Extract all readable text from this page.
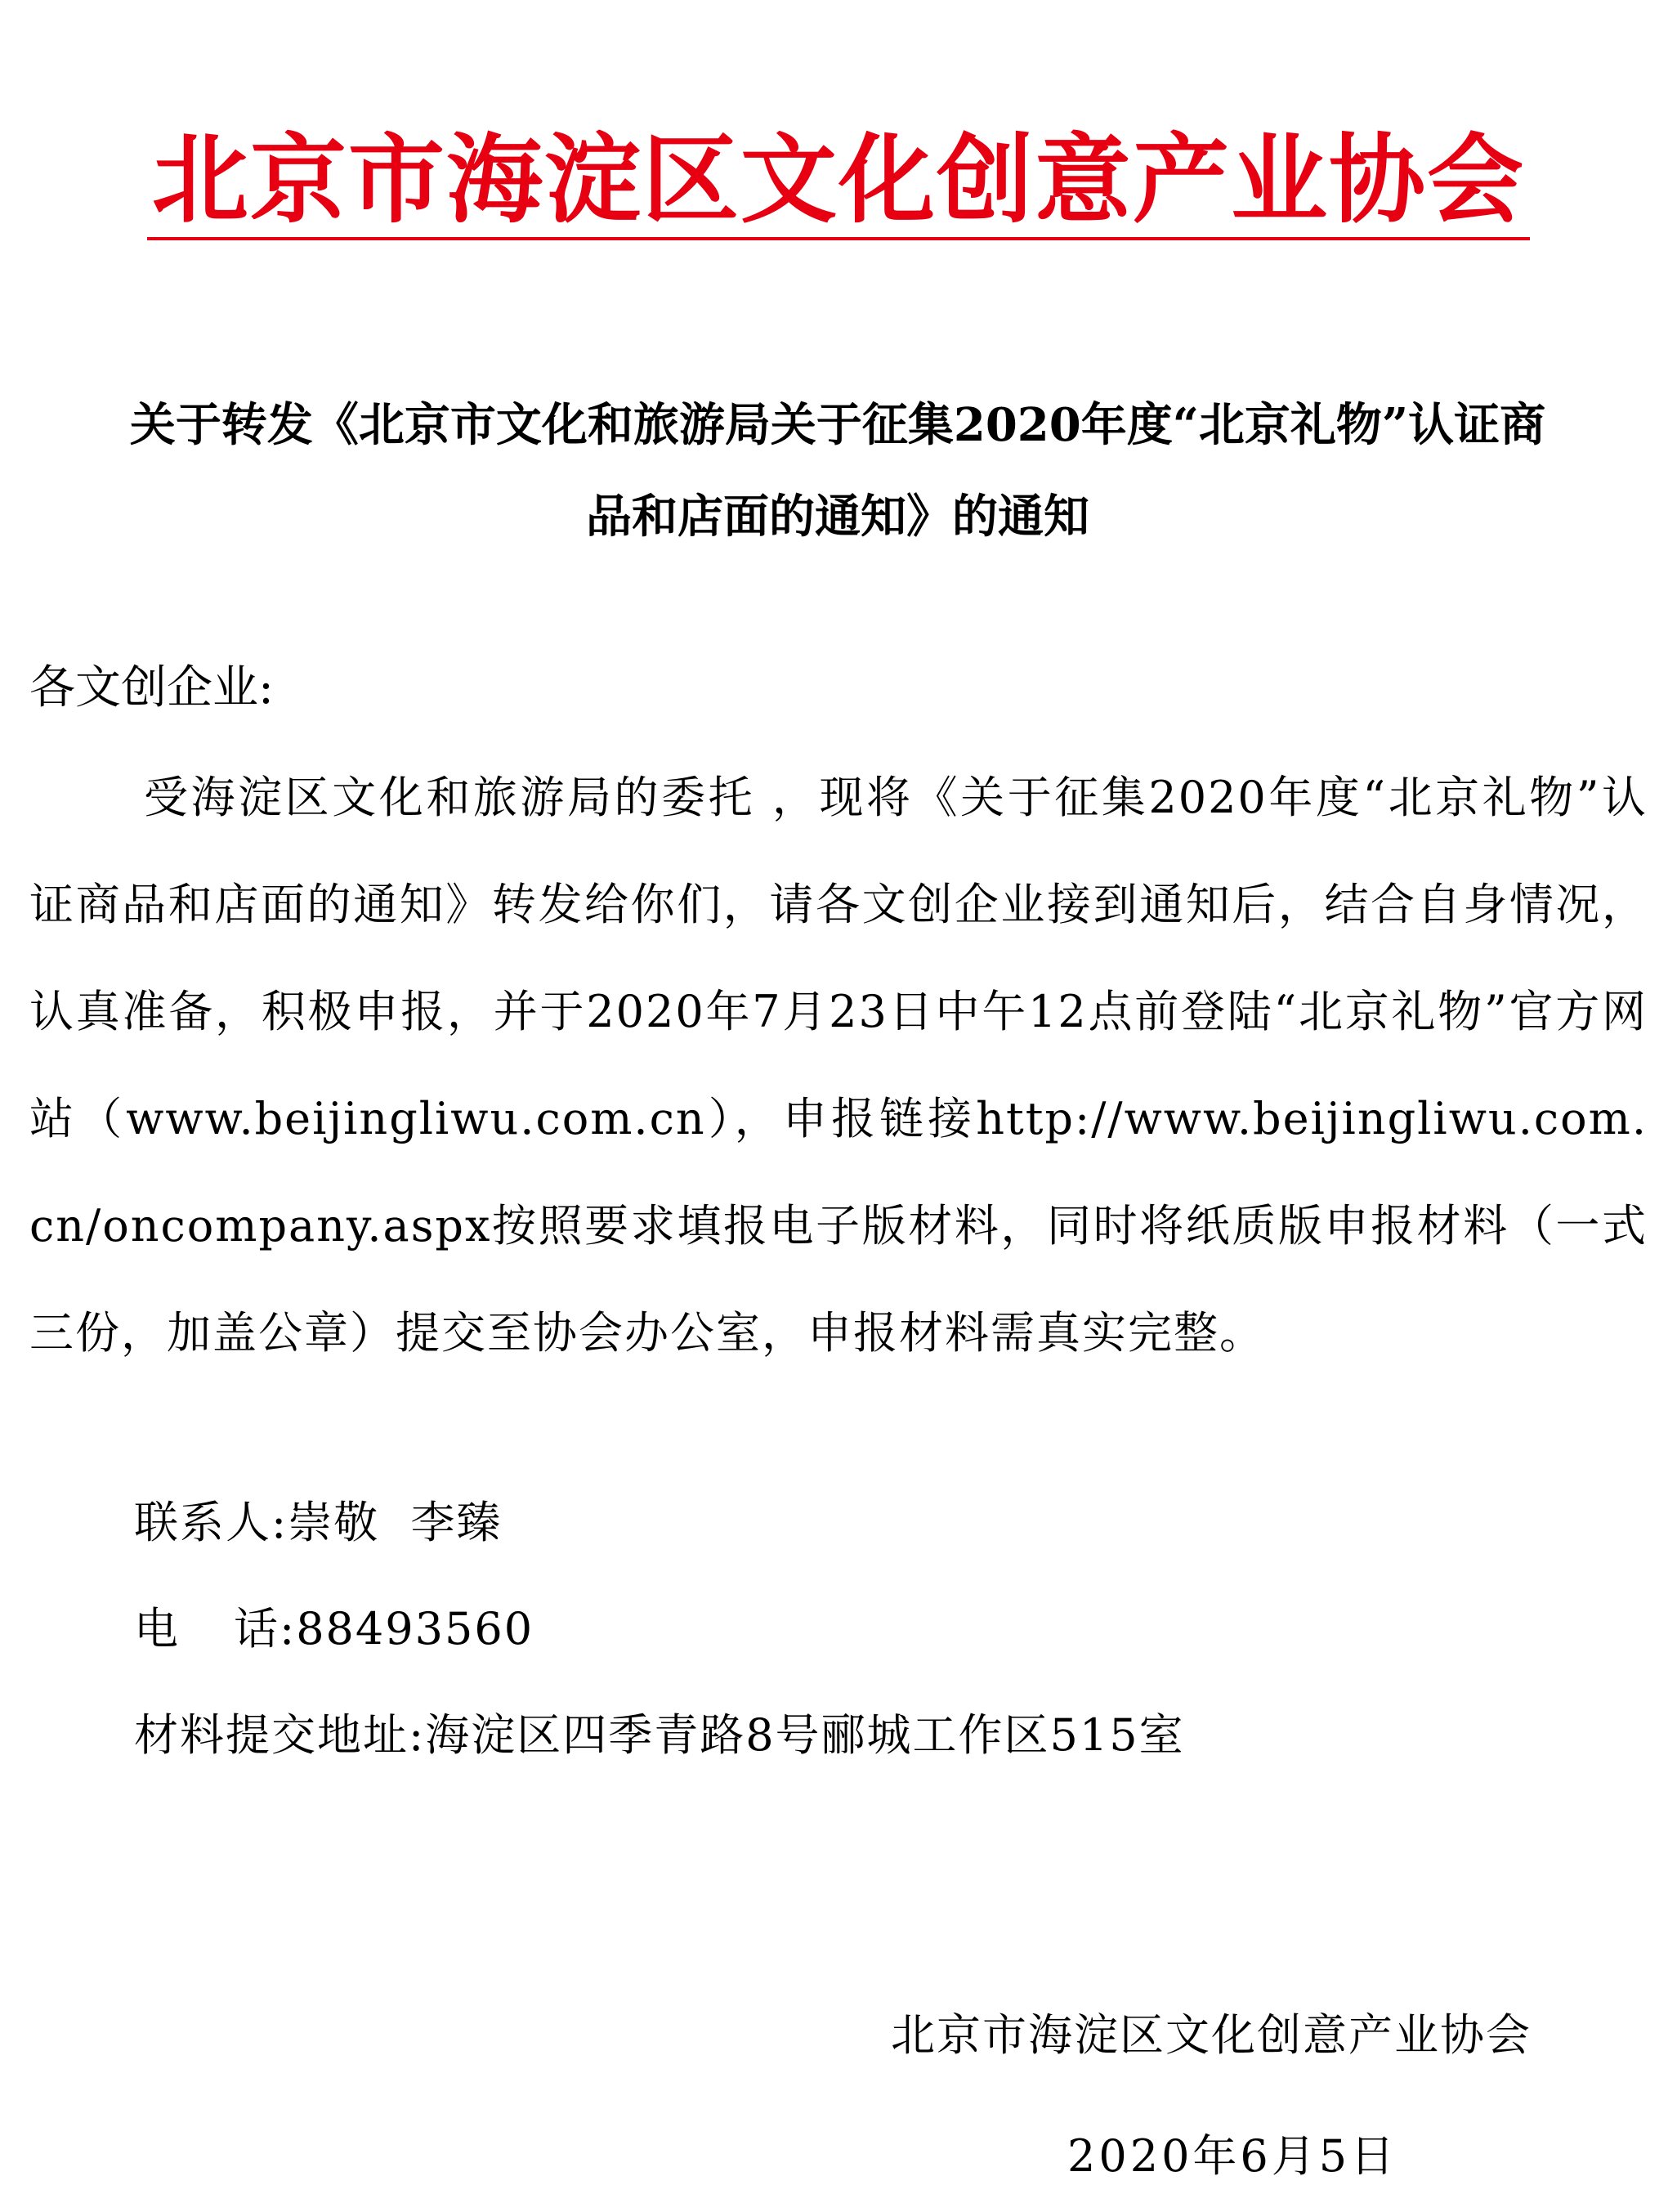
北京市海淀区文化创意产业协会
关于转发《北京市文化和旅游局关于征集2020年度“北京礼物”认证商
品和店面的通知》的通知
各文创企业:

受海淀区文化和旅游局的委托 ，现将《关于征集2020年度“北京礼物”认证商品和店面的通知》转发给你们，请各文创企业接到通知后，结合自身情况，认真准备，积极申报，并于2020年7月23日中午12点前登陆“北京礼物”官方网站（www.beijingliwu.com.cn），申报链接http://www.beijingliwu.com.cn/oncompany.aspx按照要求填报电子版材料，同时将纸质版申报材料（一式三份，加盖公章）提交至协会办公室，申报材料需真实完整。

联系人:崇敬  李臻
电 话:88493560
材料提交地址:海淀区四季青路8号郦城工作区515室
北京市海淀区文化创意产业协会
2020年6月5日
